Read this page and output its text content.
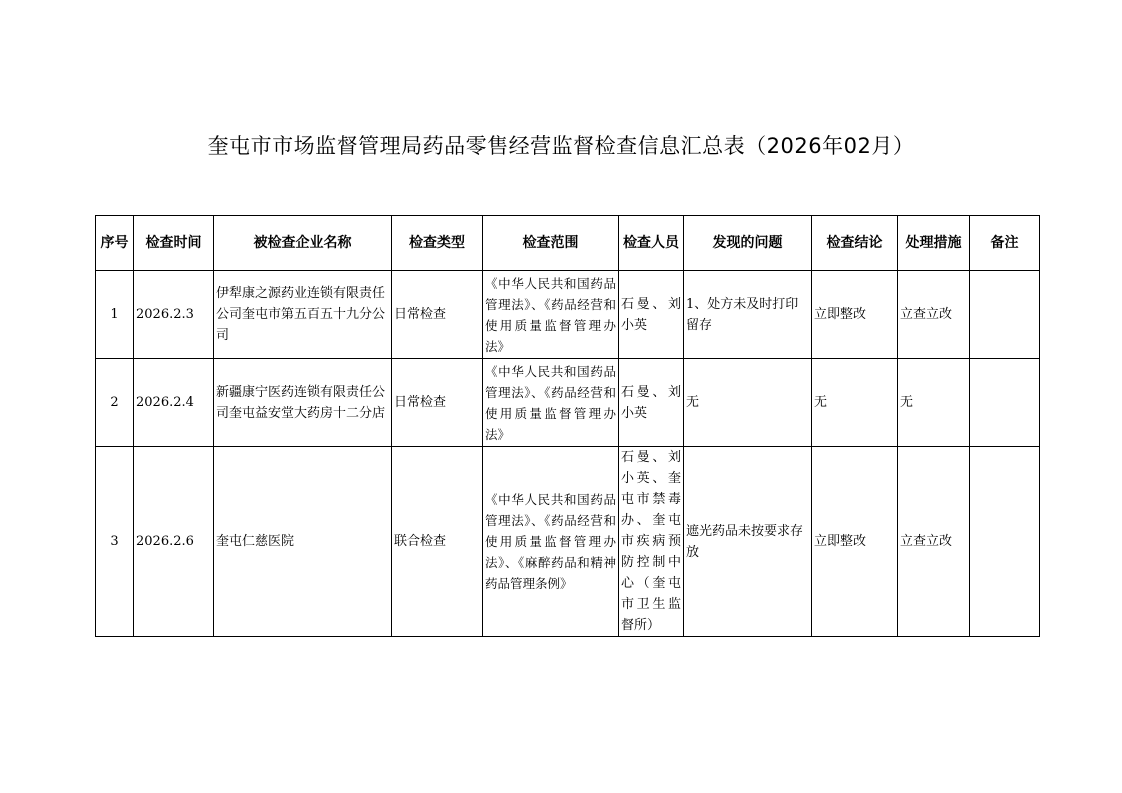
奎屯市市场监督管理局药品零售经营监督检查信息汇总表（2026年02月）
序号	检查时间	被检查企业名称	检查类型	检查范围	检查人员	发现的问题	检查结论	处理措施	备注
1	2026.2.3	伊犁康之源药业连锁有限责任公司奎屯市第五百五十九分公司	日常检查	《中华人民共和国药品管理法》、《药品经营和使用质量监督管理办法》	石曼、刘小英	1、处方未及时打印留存	立即整改	立查立改	
2	2026.2.4	新疆康宁医药连锁有限责任公司奎屯益安堂大药房十二分店	日常检查	《中华人民共和国药品管理法》、《药品经营和使用质量监督管理办法》	石曼、刘小英	无	无	无	
3	2026.2.6	奎屯仁慈医院	联合检查	《中华人民共和国药品管理法》、《药品经营和使用质量监督管理办法》、《麻醉药品和精神药品管理条例》	石曼、刘小英、奎屯市禁毒办、奎屯市疾病预防控制中心（奎屯市卫生监督所）	遮光药品未按要求存放	立即整改	立查立改	
